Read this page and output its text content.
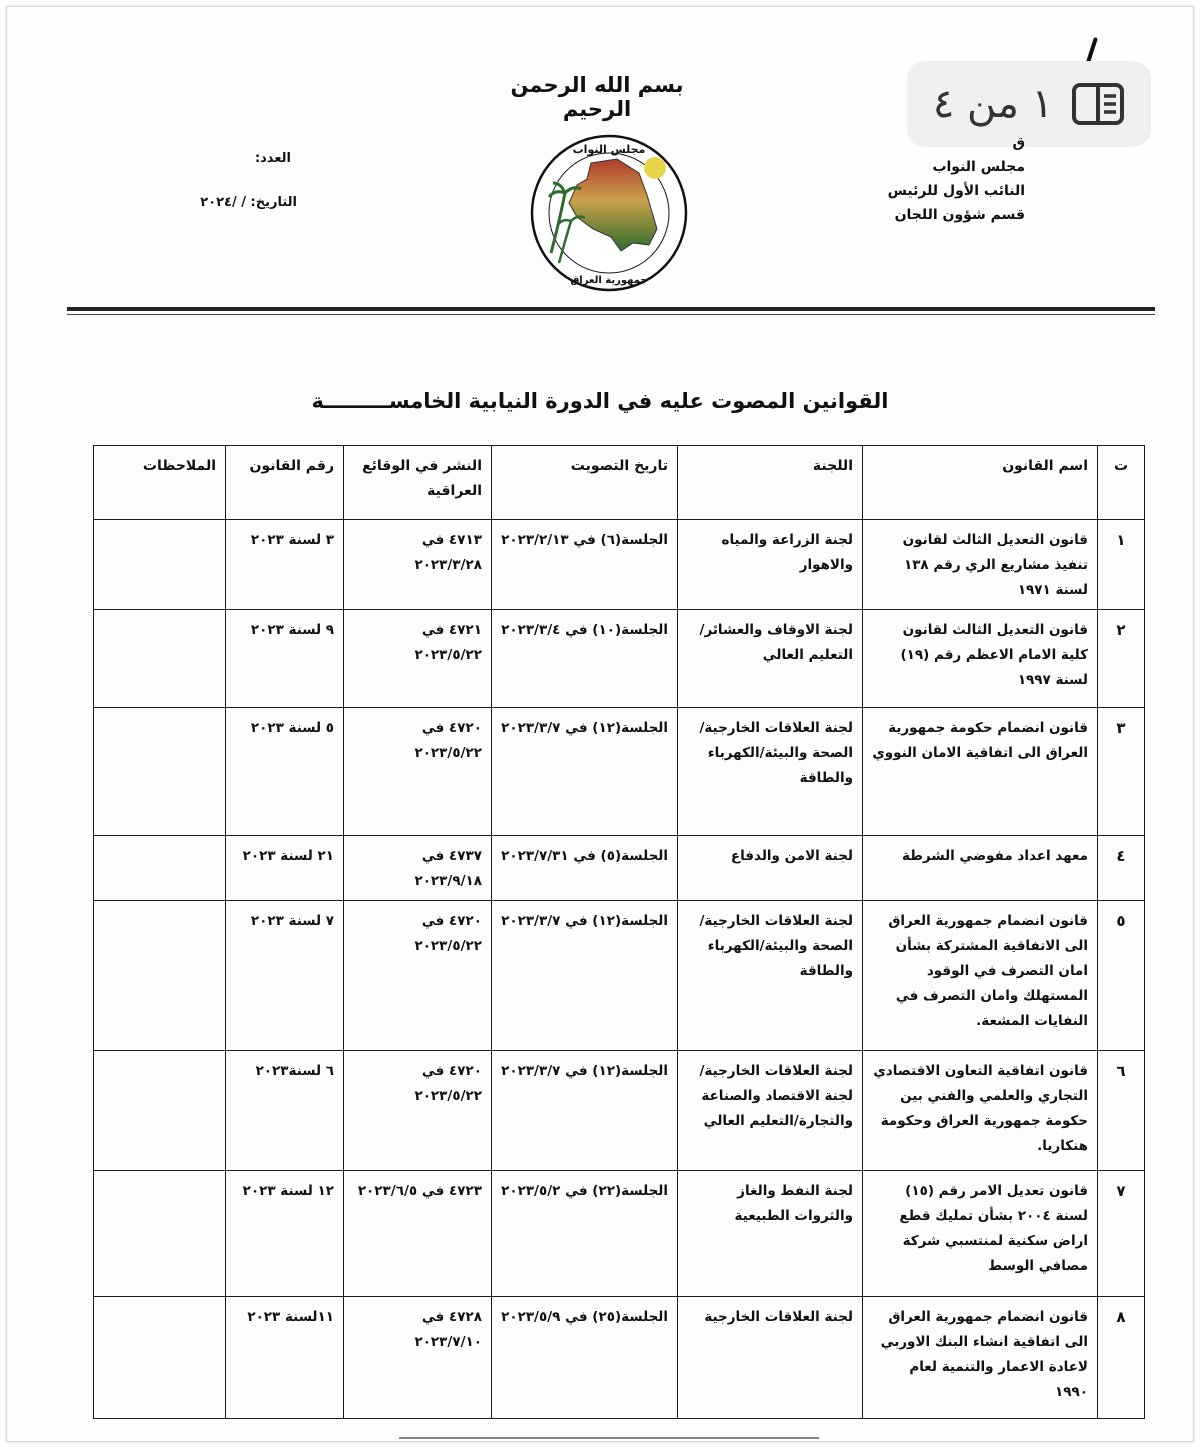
١ من ٤
بسم الله الرحمن الرحيم
ق
مجلس النواب
النائب الأول للرئيس
قسم شؤون اللجان
العدد:
التاريخ: / /٢٠٢٤
مجلس النواب
جمهورية العراق
القوانين المصوت عليه في الدورة النيابية الخامســـــــــة
ت	اسم القانون	اللجنة	تاريخ التصويت	النشر في الوقائع العراقية	رقم القانون	الملاحظات
١	قانون التعديل الثالث لقانون تنفيذ مشاريع الري رقم ١٣٨ لسنة ١٩٧١	لجنة الزراعة والمياه والاهوار	الجلسة(٦) في ٢٠٢٣/٢/١٣	٤٧١٣ في ٢٠٢٣/٣/٢٨	٣ لسنة ٢٠٢٣	
٢	قانون التعديل الثالث لقانون كلية الامام الاعظم رقم (١٩) لسنة ١٩٩٧	لجنة الاوقاف والعشائر/ التعليم العالي	الجلسة(١٠) في ٢٠٢٣/٣/٤	٤٧٢١ في ٢٠٢٣/٥/٢٢	٩ لسنة ٢٠٢٣	
٣	قانون انضمام حكومة جمهورية العراق الى اتفاقية الامان النووي	لجنة العلاقات الخارجية/الصحة والبيئة/الكهرباء والطاقة	الجلسة(١٢) في ٢٠٢٣/٣/٧	٤٧٢٠ في ٢٠٢٣/٥/٢٢	٥ لسنة ٢٠٢٣	
٤	معهد اعداد مفوضي الشرطة	لجنة الامن والدفاع	الجلسة(٥) في ٢٠٢٣/٧/٣١	٤٧٣٧ في ٢٠٢٣/٩/١٨	٢١ لسنة ٢٠٢٣	
٥	قانون انضمام جمهورية العراق الى الاتفاقية المشتركة بشأن امان التصرف في الوقود المستهلك وامان التصرف في النفايات المشعة.	لجنة العلاقات الخارجية/الصحة والبيئة/الكهرباء والطاقة	الجلسة(١٢) في ٢٠٢٣/٣/٧	٤٧٢٠ في ٢٠٢٣/٥/٢٢	٧ لسنة ٢٠٢٣	
٦	قانون اتفاقية التعاون الاقتصادي التجاري والعلمي والفني بين حكومة جمهورية العراق وحكومة هنكاريا.	لجنة العلاقات الخارجية/لجنة الاقتصاد والصناعة والتجارة/التعليم العالي	الجلسة(١٢) في ٢٠٢٣/٣/٧	٤٧٢٠ في ٢٠٢٣/٥/٢٢	٦ لسنة٢٠٢٣	
٧	قانون تعديل الامر رقم (١٥) لسنة ٢٠٠٤ بشأن تمليك قطع اراض سكنية لمنتسبي شركة مصافي الوسط	لجنة النفط والغاز والثروات الطبيعية	الجلسة(٢٢) في ٢٠٢٣/٥/٢	٤٧٢٣ في ٢٠٢٣/٦/٥	١٢ لسنة ٢٠٢٣	
٨	قانون انضمام جمهورية العراق الى اتفاقية انشاء البنك الاوربي لاعادة الاعمار والتنمية لعام ١٩٩٠	لجنة العلاقات الخارجية	الجلسة(٢٥) في ٢٠٢٣/٥/٩	٤٧٢٨ في ٢٠٢٣/٧/١٠	١١لسنة ٢٠٢٣	
